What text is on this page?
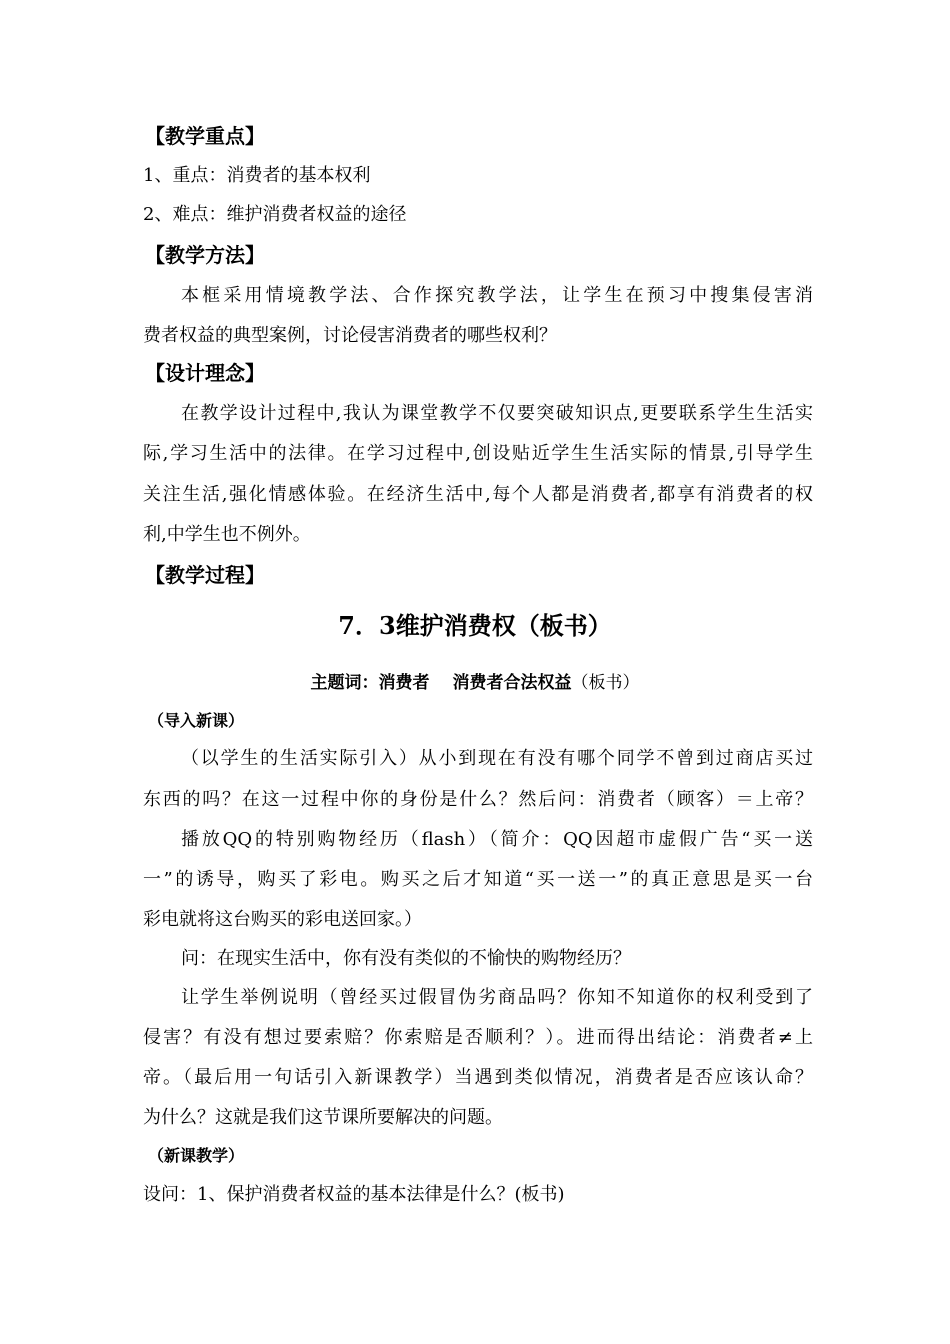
【教学重点】
1、重点：消费者的基本权利
2、难点：维护消费者权益的途径
【教学方法】
本框采用情境教学法、合作探究教学法，让学生在预习中搜集侵害消
费者权益的典型案例，讨论侵害消费者的哪些权利？
【设计理念】
在教学设计过程中,我认为课堂教学不仅要突破知识点,更要联系学生生活实
际,学习生活中的法律。在学习过程中,创设贴近学生生活实际的情景,引导学生
关注生活,强化情感体验。在经济生活中,每个人都是消费者,都享有消费者的权
利,中学生也不例外。
【教学过程】
7．3维护消费权（板书）
主题词：消费者　 消费者合法权益（板书）
（导入新课）
（以学生的生活实际引入）从小到现在有没有哪个同学不曾到过商店买过
东西的吗？在这一过程中你的身份是什么？然后问：消费者（顾客）＝上帝？
播放QQ的特别购物经历（flash）（简介：QQ因超市虚假广告“买一送
一”的诱导，购买了彩电。购买之后才知道“买一送一”的真正意思是买一台
彩电就将这台购买的彩电送回家。）
问：在现实生活中，你有没有类似的不愉快的购物经历？
让学生举例说明（曾经买过假冒伪劣商品吗？你知不知道你的权利受到了
侵害？有没有想过要索赔？你索赔是否顺利？）。进而得出结论：消费者≠上
帝。（最后用一句话引入新课教学）当遇到类似情况，消费者是否应该认命？
为什么？这就是我们这节课所要解决的问题。
（新课教学）
设问：1、保护消费者权益的基本法律是什么？(板书)
